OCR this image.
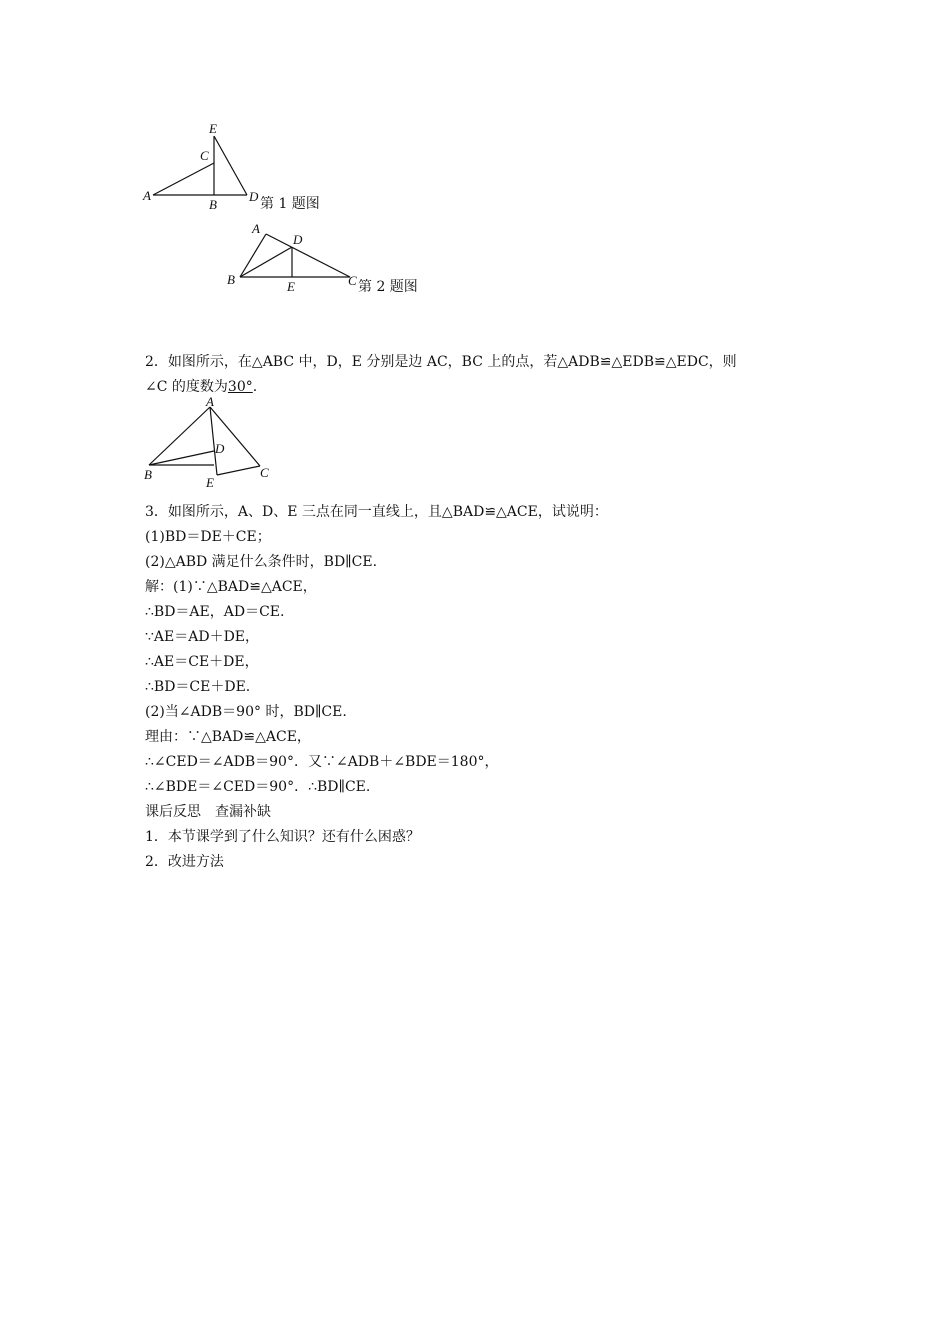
A
B
C
D
E
第 1 题图
B
A
D
E	C 第 2 题图
2．如图所示，在△ABC 中，D，E 分别是边 AC，BC 上的点，若△ADB≌△EDB≌△EDC，则
∠C 的度数为30°.
A
B
D
E
C
3．如图所示，A、D、E 三点在同一直线上，且△BAD≌△ACE，试说明：
(1)BD＝DE＋CE；
(2)△ABD 满足什么条件时，BD∥CE.
解：(1)∵△BAD≌△ACE，
∴BD＝AE，AD＝CE.
∵AE＝AD＋DE，
∴AE＝CE＋DE，
∴BD＝CE＋DE.
(2)当∠ADB＝90° 时，BD∥CE.
理由：∵△BAD≌△ACE，
∴∠CED＝∠ADB＝90°．又∵∠ADB＋∠BDE＝180°，
∴∠BDE＝∠CED＝90°．∴BD∥CE.
课后反思　查漏补缺
1．本节课学到了什么知识？还有什么困惑？
2．改进方法
